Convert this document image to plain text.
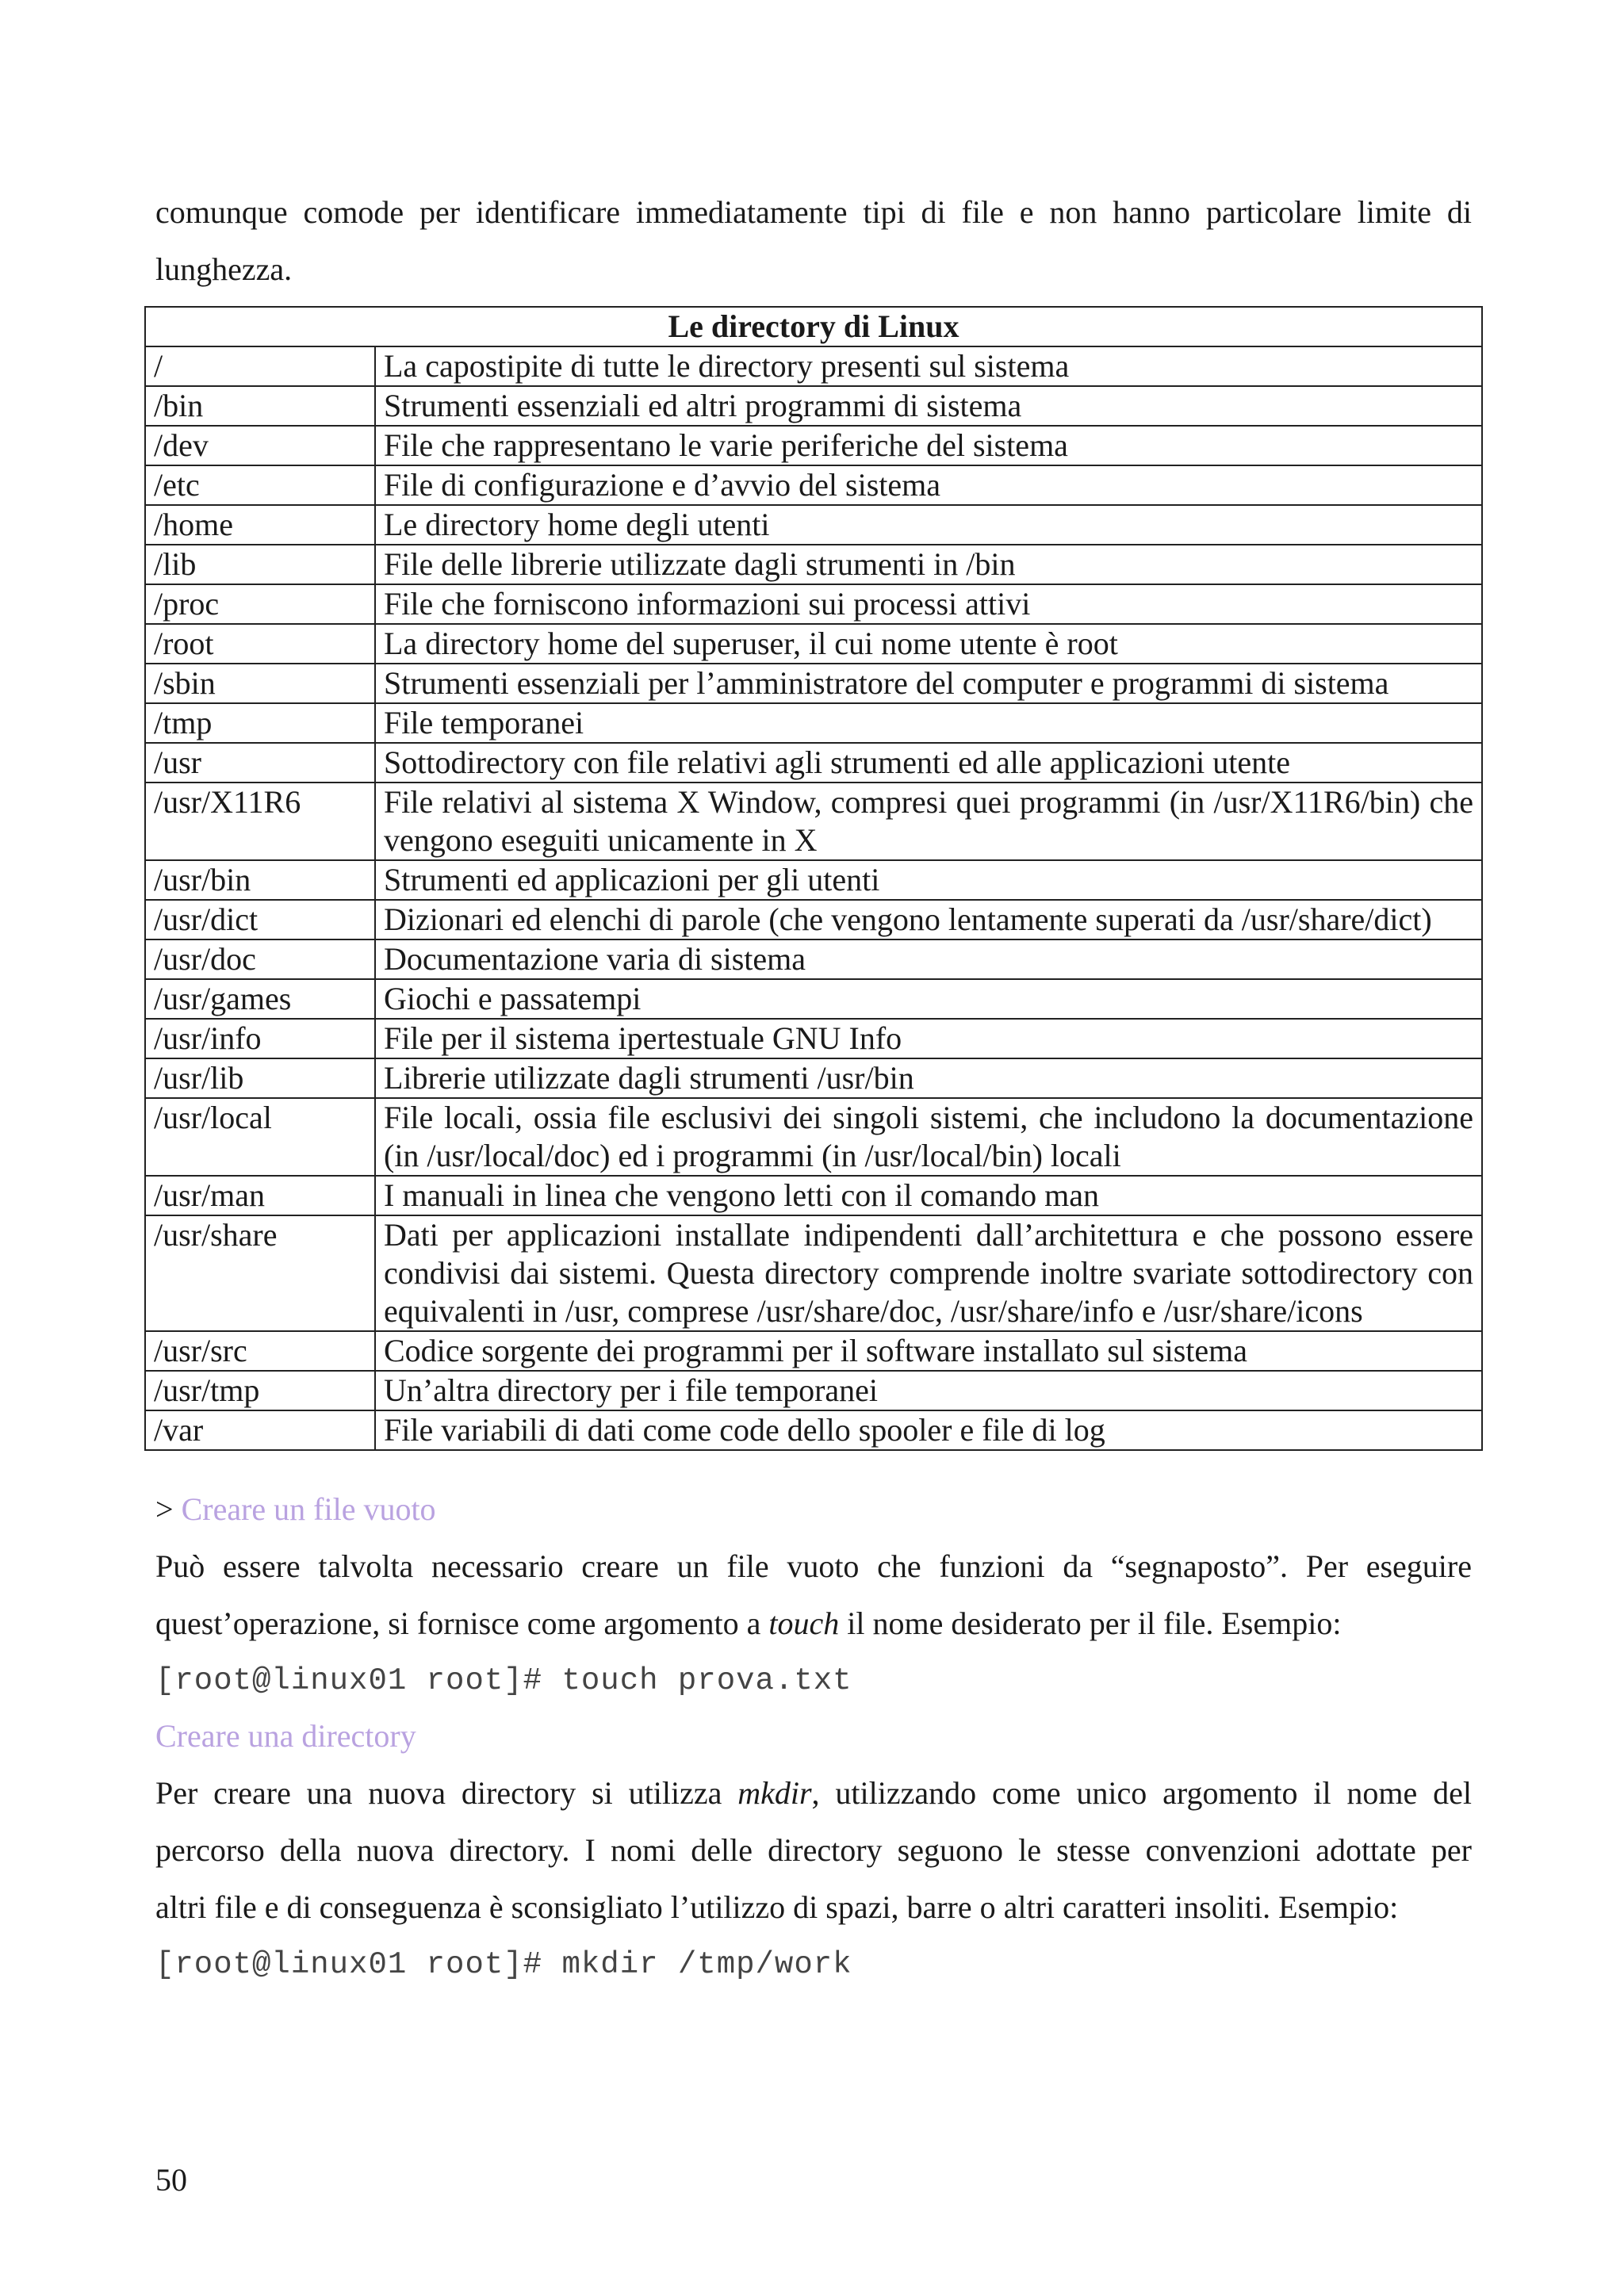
comunque comode per identificare immediatamente tipi di file e non hanno particolare limite di
lunghezza.

Le directory di Linux	
/	La capostipite di tutte le directory presenti sul sistema
/bin	Strumenti essenziali ed altri programmi di sistema
/dev	File che rappresentano le varie periferiche del sistema
/etc	File di configurazione e d’avvio del sistema
/home	Le directory home degli utenti
/lib	File delle librerie utilizzate dagli strumenti in /bin
/proc	File che forniscono informazioni sui processi attivi
/root	La directory home del superuser, il cui nome utente è root
/sbin	Strumenti essenziali per l’amministratore del computer e programmi di sistema
/tmp	File temporanei
/usr	Sottodirectory con file relativi agli strumenti ed alle applicazioni utente
/usr/X11R6	File relativi al sistema X Window, compresi quei programmi (in /usr/X11R6/bin) che vengono eseguiti unicamente in X
/usr/bin	Strumenti ed applicazioni per gli utenti
/usr/dict	Dizionari ed elenchi di parole (che vengono lentamente superati da /usr/share/dict)
/usr/doc	Documentazione varia di sistema
/usr/games	Giochi e passatempi
/usr/info	File per il sistema ipertestuale GNU Info
/usr/lib	Librerie utilizzate dagli strumenti /usr/bin
/usr/local	File locali, ossia file esclusivi dei singoli sistemi, che includono la documentazione (in /usr/local/doc) ed i programmi (in /usr/local/bin) locali
/usr/man	I manuali in linea che vengono letti con il comando man
/usr/share	Dati per applicazioni installate indipendenti dall’architettura e che possono essere condivisi dai sistemi. Questa directory comprende inoltre svariate sottodirectory con equivalenti in /usr, comprese /usr/share/doc, /usr/share/info e /usr/share/icons
/usr/src	Codice sorgente dei programmi per il software installato sul sistema
/usr/tmp	Un’altra directory per i file temporanei
/var	File variabili di dati come code dello spooler e file di log
> Creare un file vuoto

Può essere talvolta necessario creare un file vuoto che funzioni da “segnaposto”. Per eseguire
quest’operazione, si fornisce come argomento a touch il nome desiderato per il file. Esempio:

[root@linux01 root]# touch prova.txt
Creare una directory

Per creare una nuova directory si utilizza mkdir, utilizzando come unico argomento il nome del
percorso della nuova directory. I nomi delle directory seguono le stesse convenzioni adottate per
altri file e di conseguenza è sconsigliato l’utilizzo di spazi, barre o altri caratteri insoliti. Esempio:

[root@linux01 root]# mkdir /tmp/work
50
